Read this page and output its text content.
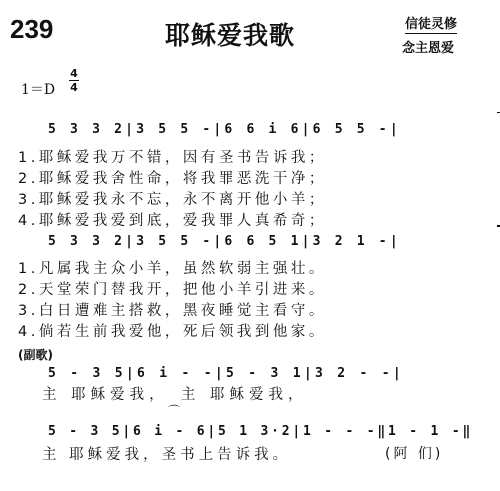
239	耶稣爱我歌	信徒灵修
念主恩爱
1＝D
4
4
5 3 3 2|3 5 5 -|6 6 i 6|6 5 5 -|
1.耶稣爱我万不错，因有圣书告诉我；
2.耶稣爱我舍性命，将我罪恶洗干净；
3.耶稣爱我永不忘，永不离开他小羊；
4.耶稣爱我爱到底，爱我罪人真希奇；
5 3 3 2|3 5 5 -|6 6 5 1|3 2 1 -|
1.凡属我主众小羊，虽然软弱主强壮。
2.天堂荣门替我开，把他小羊引进来。
3.白日遭难主搭救，黑夜睡觉主看守。
4.倘若生前我爱他，死后领我到他家。
(副歌)
5 - 3 5|6 i - -|5 - 3 1|3 2 - -|
主 耶稣爱我，　主 耶稣爱我，
⌒
5 - 3 5|6 i - 6|5 1 3·2|1 - - -‖1 - 1 -‖
主 耶稣爱我，圣书上告诉我。	(阿 们)
